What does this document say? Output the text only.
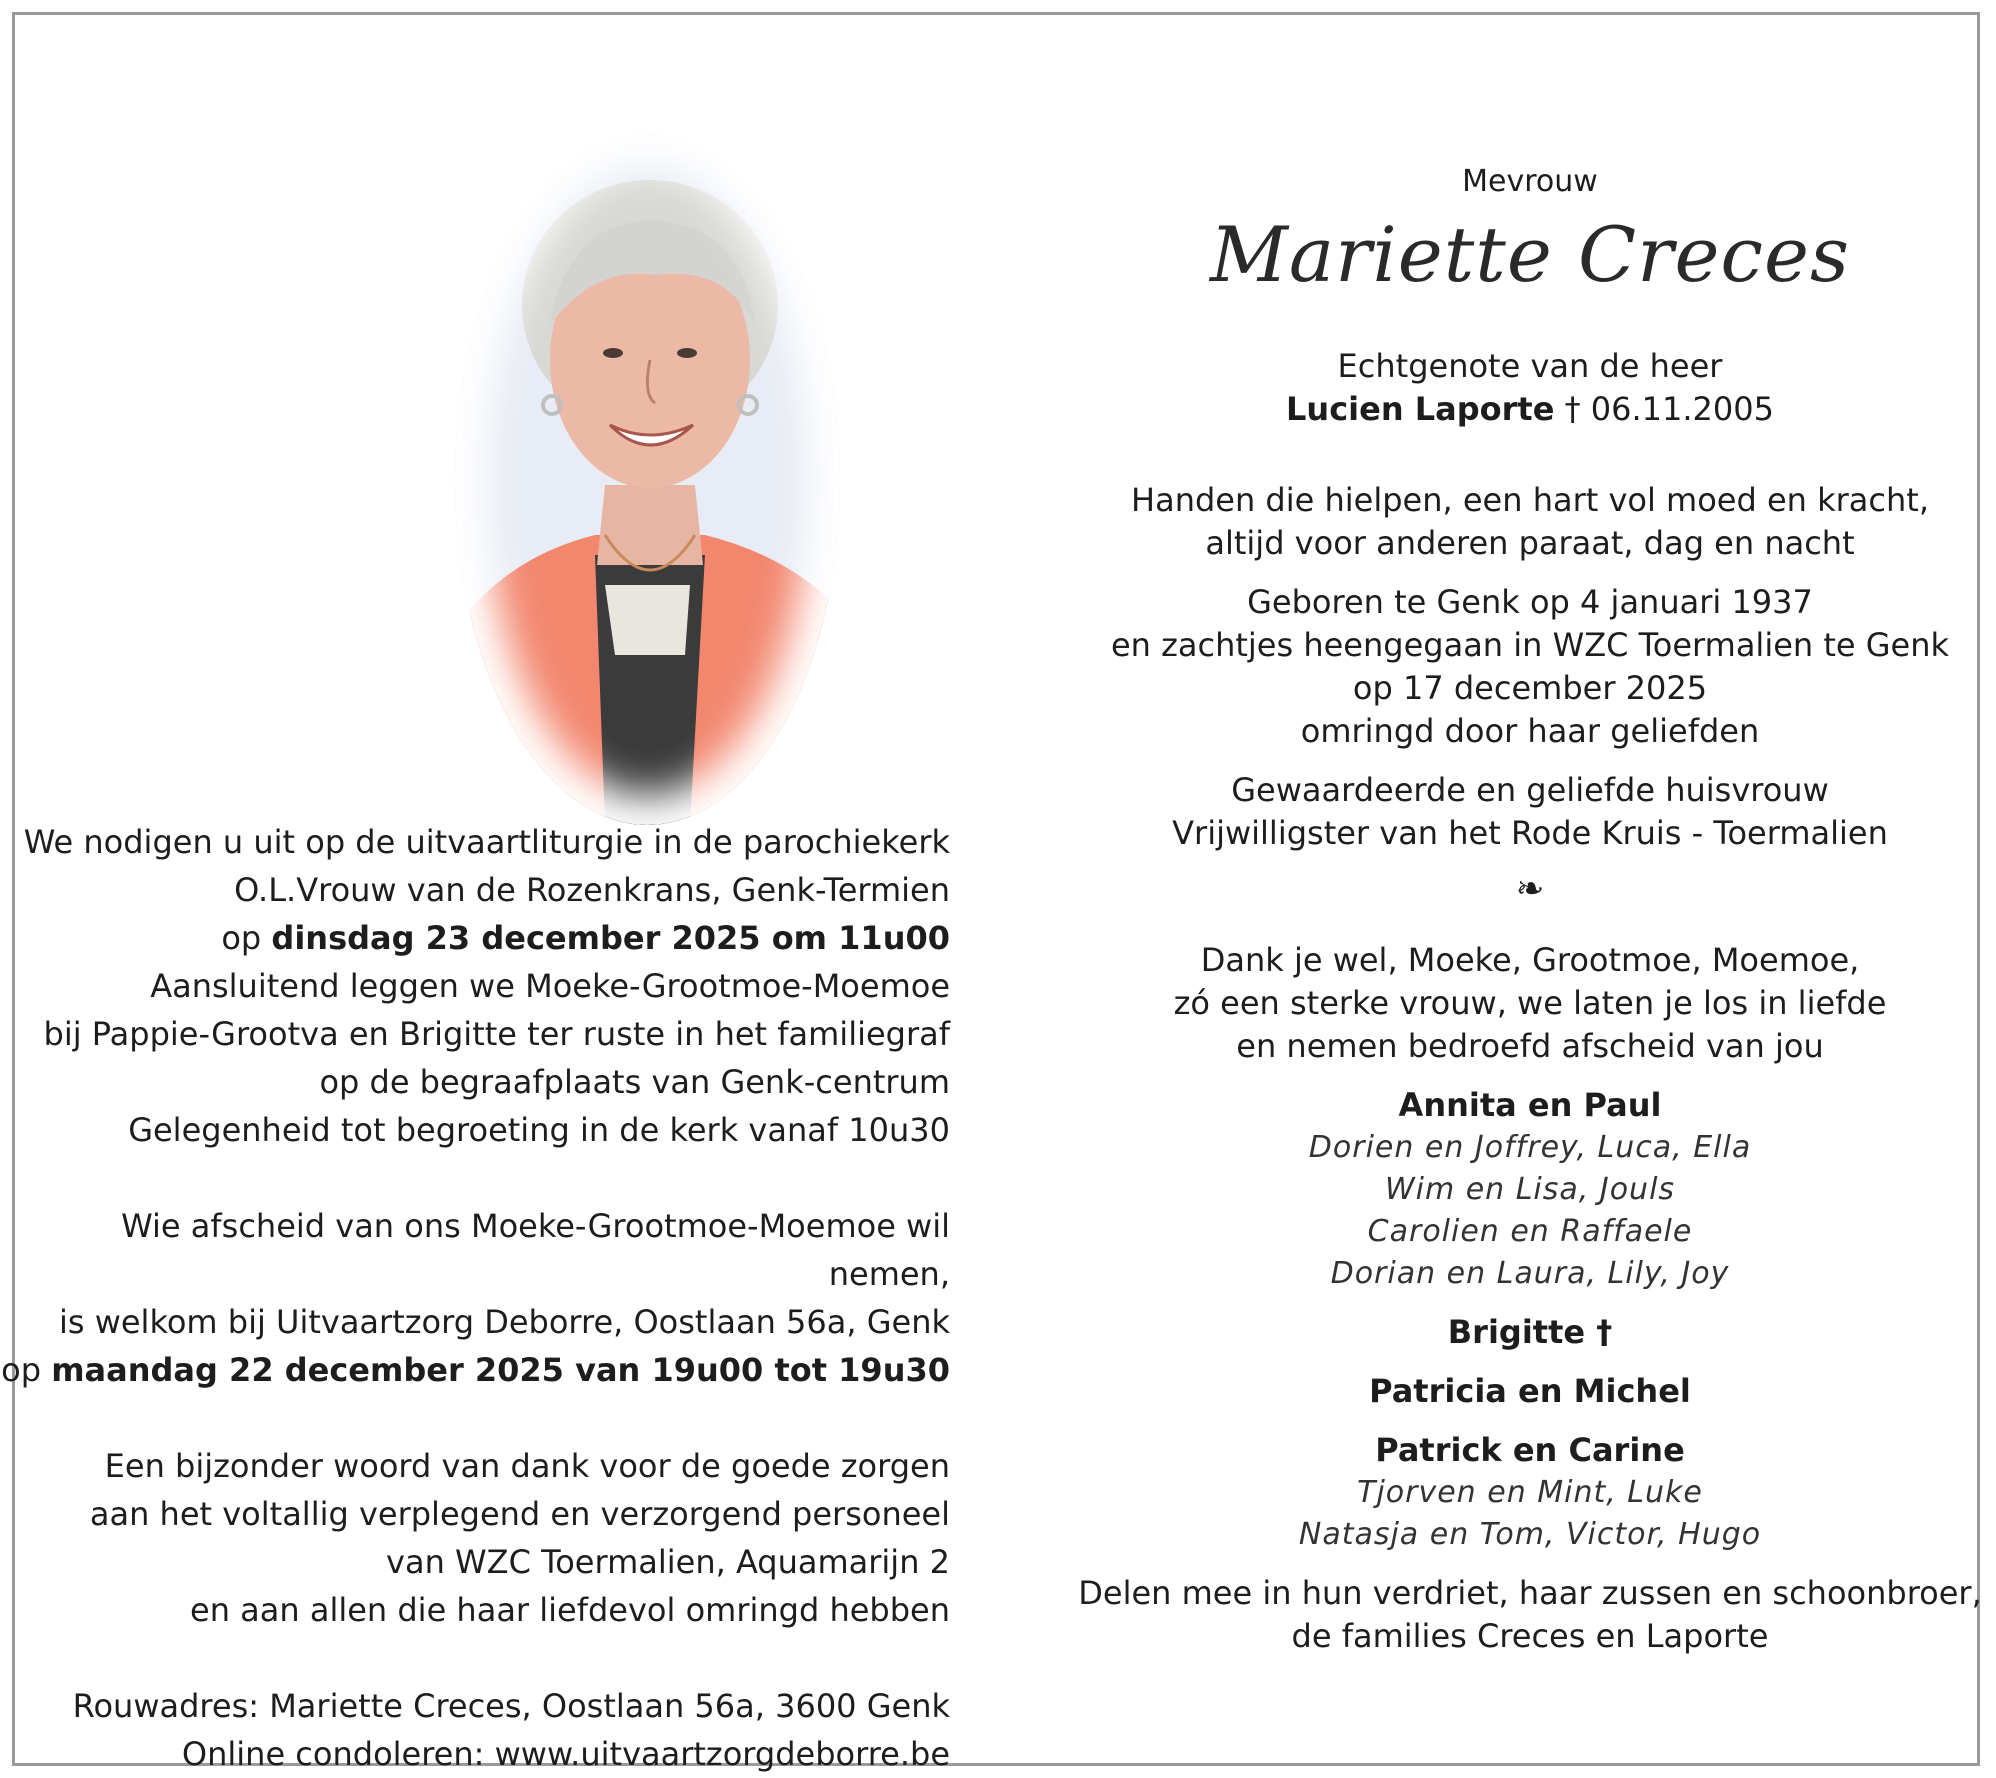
We nodigen u uit op de uitvaartliturgie in de parochiekerk

O.L.Vrouw van de Rozenkrans, Genk-Termien

op dinsdag 23 december 2025 om 11u00

Aansluitend leggen we Moeke-Grootmoe-Moemoe

bij Pappie-Grootva en Brigitte ter ruste in het familiegraf

op de begraafplaats van Genk-centrum

Gelegenheid tot begroeting in de kerk vanaf 10u30

Wie afscheid van ons Moeke-Grootmoe-Moemoe wil nemen,

is welkom bij Uitvaartzorg Deborre, Oostlaan 56a, Genk

op maandag 22 december 2025 van 19u00 tot 19u30

Een bijzonder woord van dank voor de goede zorgen

aan het voltallig verplegend en verzorgend personeel

van WZC Toermalien, Aquamarijn 2

en aan allen die haar liefdevol omringd hebben

Rouwadres: Mariette Creces, Oostlaan 56a, 3600 Genk

Online condoleren: www.uitvaartzorgdeborre.be

Mevrouw

Mariette Creces

Echtgenote van de heer

Lucien Laporte † 06.11.2005

Handen die hielpen, een hart vol moed en kracht,

altijd voor anderen paraat, dag en nacht

Geboren te Genk op 4 januari 1937

en zachtjes heengegaan in WZC Toermalien te Genk

op 17 december 2025

omringd door haar geliefden

Gewaardeerde en geliefde huisvrouw

Vrijwilligster van het Rode Kruis - Toermalien

❧

Dank je wel, Moeke, Grootmoe, Moemoe,

zó een sterke vrouw, we laten je los in liefde

en nemen bedroefd afscheid van jou

Annita en Paul

Dorien en Joffrey, Luca, Ella

Wim en Lisa, Jouls

Carolien en Raffaele

Dorian en Laura, Lily, Joy

Brigitte †

Patricia en Michel

Patrick en Carine

Tjorven en Mint, Luke

Natasja en Tom, Victor, Hugo

Delen mee in hun verdriet, haar zussen en schoonbroer,

de families Creces en Laporte
